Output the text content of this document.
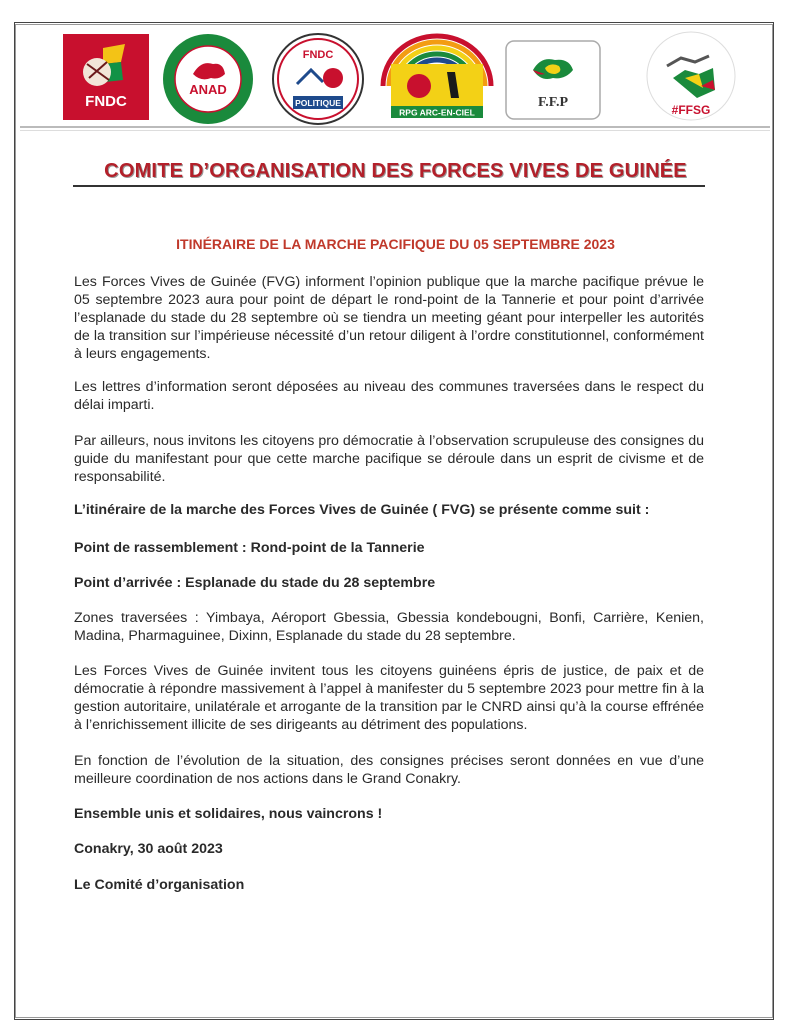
FNDC
ANAD
FNDC
POLITIQUE
RPG ARC-EN-CIEL
F.F.P	#FFSG
COMITE D’ORGANISATION DES FORCES VIVES DE GUINÉE
ITINÉRAIRE DE LA MARCHE PACIFIQUE DU 05 SEPTEMBRE 2023
Les Forces Vives de Guinée (FVG) informent l’opinion publique que la marche pacifique prévue le 05 septembre 2023 aura pour point de départ le rond-point de la Tannerie et pour point d’arrivée l’esplanade du stade du 28 septembre où se tiendra un meeting géant pour interpeller les autorités de la transition sur l’impérieuse nécessité d’un retour diligent à l’ordre constitutionnel, conformément à leurs engagements.
Les lettres d’information seront déposées au niveau des communes traversées dans le respect du délai imparti.
Par ailleurs, nous invitons les citoyens pro démocratie à l’observation scrupuleuse des consignes du guide du manifestant pour que cette marche pacifique se déroule dans un esprit de civisme et de responsabilité.
L’itinéraire de la marche des Forces Vives de Guinée ( FVG) se présente comme suit :
Point de rassemblement : Rond-point de la Tannerie
Point d’arrivée : Esplanade du stade du 28 septembre
Zones traversées : Yimbaya, Aéroport Gbessia, Gbessia kondebougni, Bonfi, Carrière, Kenien, Madina, Pharmaguinee, Dixinn, Esplanade du stade du 28 septembre.
Les Forces Vives de Guinée invitent tous les citoyens guinéens épris de justice, de paix et de démocratie à répondre massivement à l’appel à manifester du 5 septembre 2023 pour mettre fin à la gestion autoritaire, unilatérale et arrogante de la transition par le CNRD ainsi qu’à la course effrénée à l’enrichissement illicite de ses dirigeants au détriment des populations.
En fonction de l’évolution de la situation, des consignes précises seront données en vue d’une meilleure coordination de nos actions dans le Grand Conakry.
Ensemble unis et solidaires, nous vaincrons !
Conakry, 30 août 2023
Le Comité d’organisation
